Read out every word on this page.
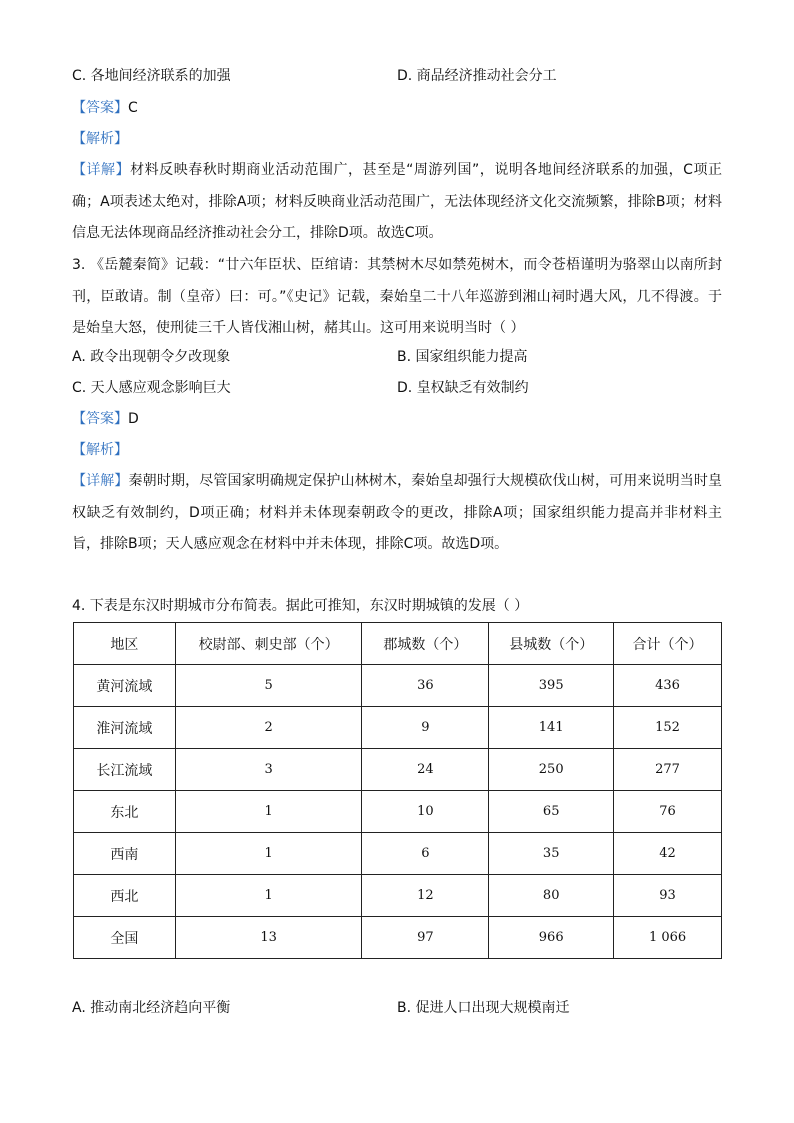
C. 各地间经济联系的加强	D. 商品经济推动社会分工
【答案】C
【解析】
【详解】材料反映春秋时期商业活动范围广，甚至是“周游列国”，说明各地间经济联系的加强，C项正确；A项表述太绝对，排除A项；材料反映商业活动范围广，无法体现经济文化交流频繁，排除B项；材料信息无法体现商品经济推动社会分工，排除D项。故选C项。
3. 《岳麓秦简》记载：“廿六年臣状、臣绾请：其禁树木尽如禁苑树木，而令苍梧谨明为骆翠山以南所封刊，臣敢请。制（皇帝）曰：可。”《史记》记载，秦始皇二十八年巡游到湘山祠时遇大风，几不得渡。于是始皇大怒，使刑徒三千人皆伐湘山树，赭其山。这可用来说明当时（ ）
A. 政令出现朝令夕改现象	B. 国家组织能力提高
C. 天人感应观念影响巨大	D. 皇权缺乏有效制约
【答案】D
【解析】
【详解】秦朝时期，尽管国家明确规定保护山林树木，秦始皇却强行大规模砍伐山树，可用来说明当时皇权缺乏有效制约，D项正确；材料并未体现秦朝政令的更改，排除A项；国家组织能力提高并非材料主旨，排除B项；天人感应观念在材料中并未体现，排除C项。故选D项。
4. 下表是东汉时期城市分布简表。据此可推知，东汉时期城镇的发展（ ）
地区	校尉部、刺史部（个）	郡城数（个）	县城数（个）	合计（个）
黄河流域	5	36	395	436
淮河流域	2	9	141	152
长江流域	3	24	250	277
东北	1	10	65	76
西南	1	6	35	42
西北	1	12	80	93
全国	13	97	966	1 066
A. 推动南北经济趋向平衡	B. 促进人口出现大规模南迁
